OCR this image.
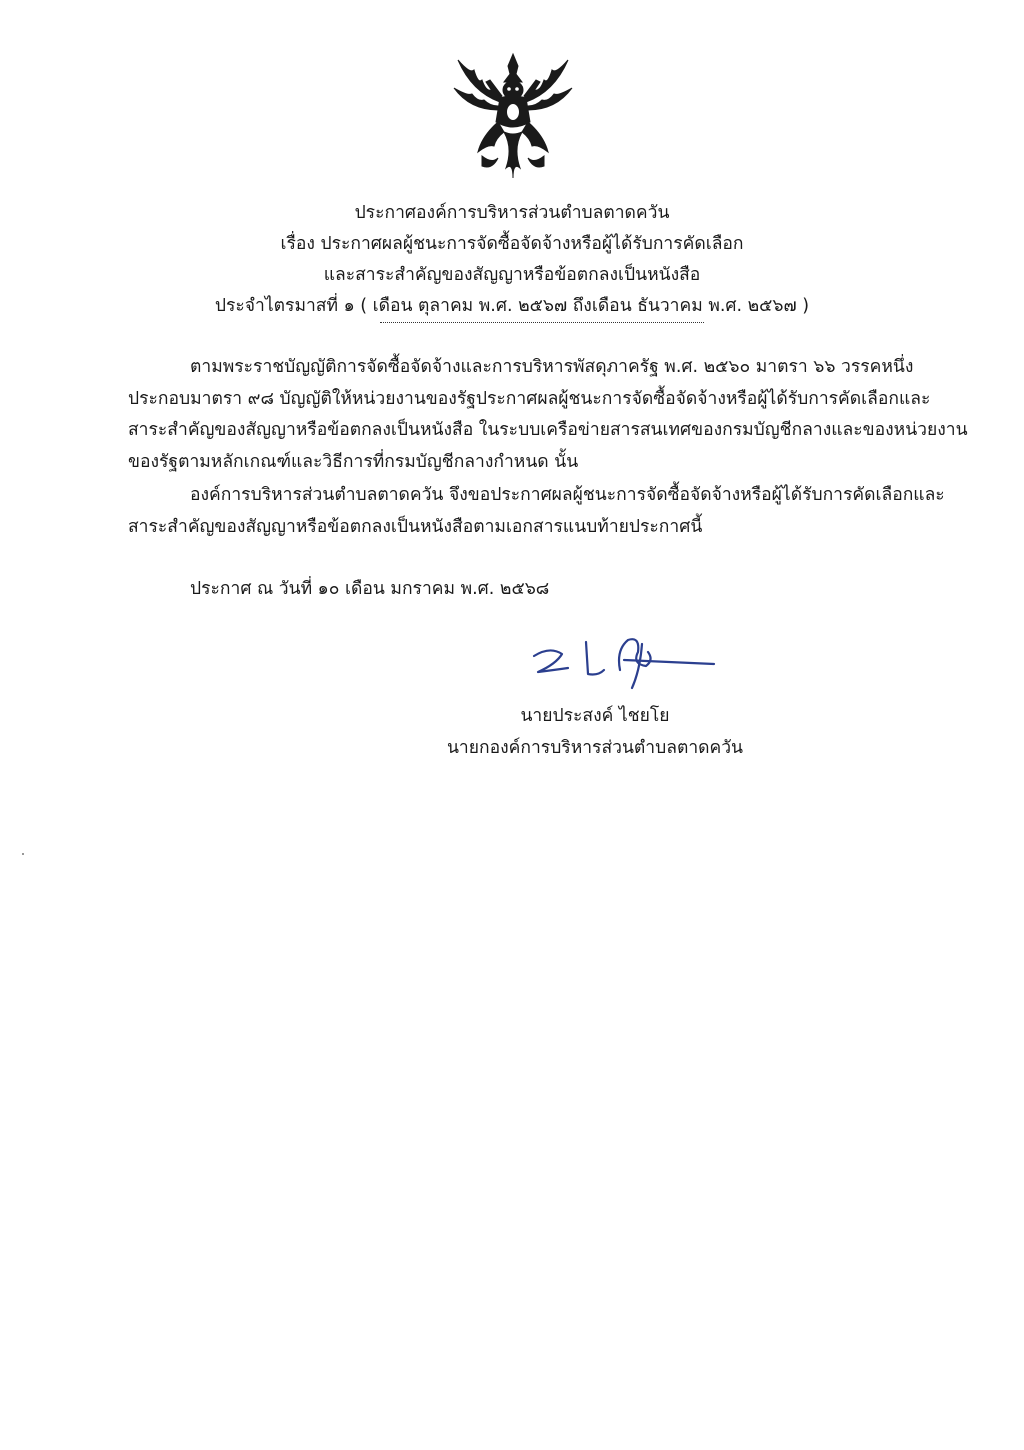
ประกาศองค์การบริหารส่วนตำบลตาดควัน
เรื่อง ประกาศผลผู้ชนะการจัดซื้อจัดจ้างหรือผู้ได้รับการคัดเลือก
และสาระสำคัญของสัญญาหรือข้อตกลงเป็นหนังสือ
ประจำไตรมาสที่ ๑ ( เดือน ตุลาคม พ.ศ. ๒๕๖๗ ถึงเดือน ธันวาคม พ.ศ. ๒๕๖๗ )
ตามพระราชบัญญัติการจัดซื้อจัดจ้างและการบริหารพัสดุภาครัฐ พ.ศ. ๒๕๖๐ มาตรา ๖๖ วรรคหนึ่ง
ประกอบมาตรา ๙๘ บัญญัติให้หน่วยงานของรัฐประกาศผลผู้ชนะการจัดซื้อจัดจ้างหรือผู้ได้รับการคัดเลือกและ
สาระสำคัญของสัญญาหรือข้อตกลงเป็นหนังสือ ในระบบเครือข่ายสารสนเทศของกรมบัญชีกลางและของหน่วยงาน
ของรัฐตามหลักเกณฑ์และวิธีการที่กรมบัญชีกลางกำหนด นั้น
องค์การบริหารส่วนตำบลตาดควัน จึงขอประกาศผลผู้ชนะการจัดซื้อจัดจ้างหรือผู้ได้รับการคัดเลือกและ
สาระสำคัญของสัญญาหรือข้อตกลงเป็นหนังสือตามเอกสารแนบท้ายประกาศนี้
ประกาศ ณ วันที่ ๑๐ เดือน มกราคม พ.ศ. ๒๕๖๘
นายประสงค์ ไชยโย
นายกองค์การบริหารส่วนตำบลตาดควัน
